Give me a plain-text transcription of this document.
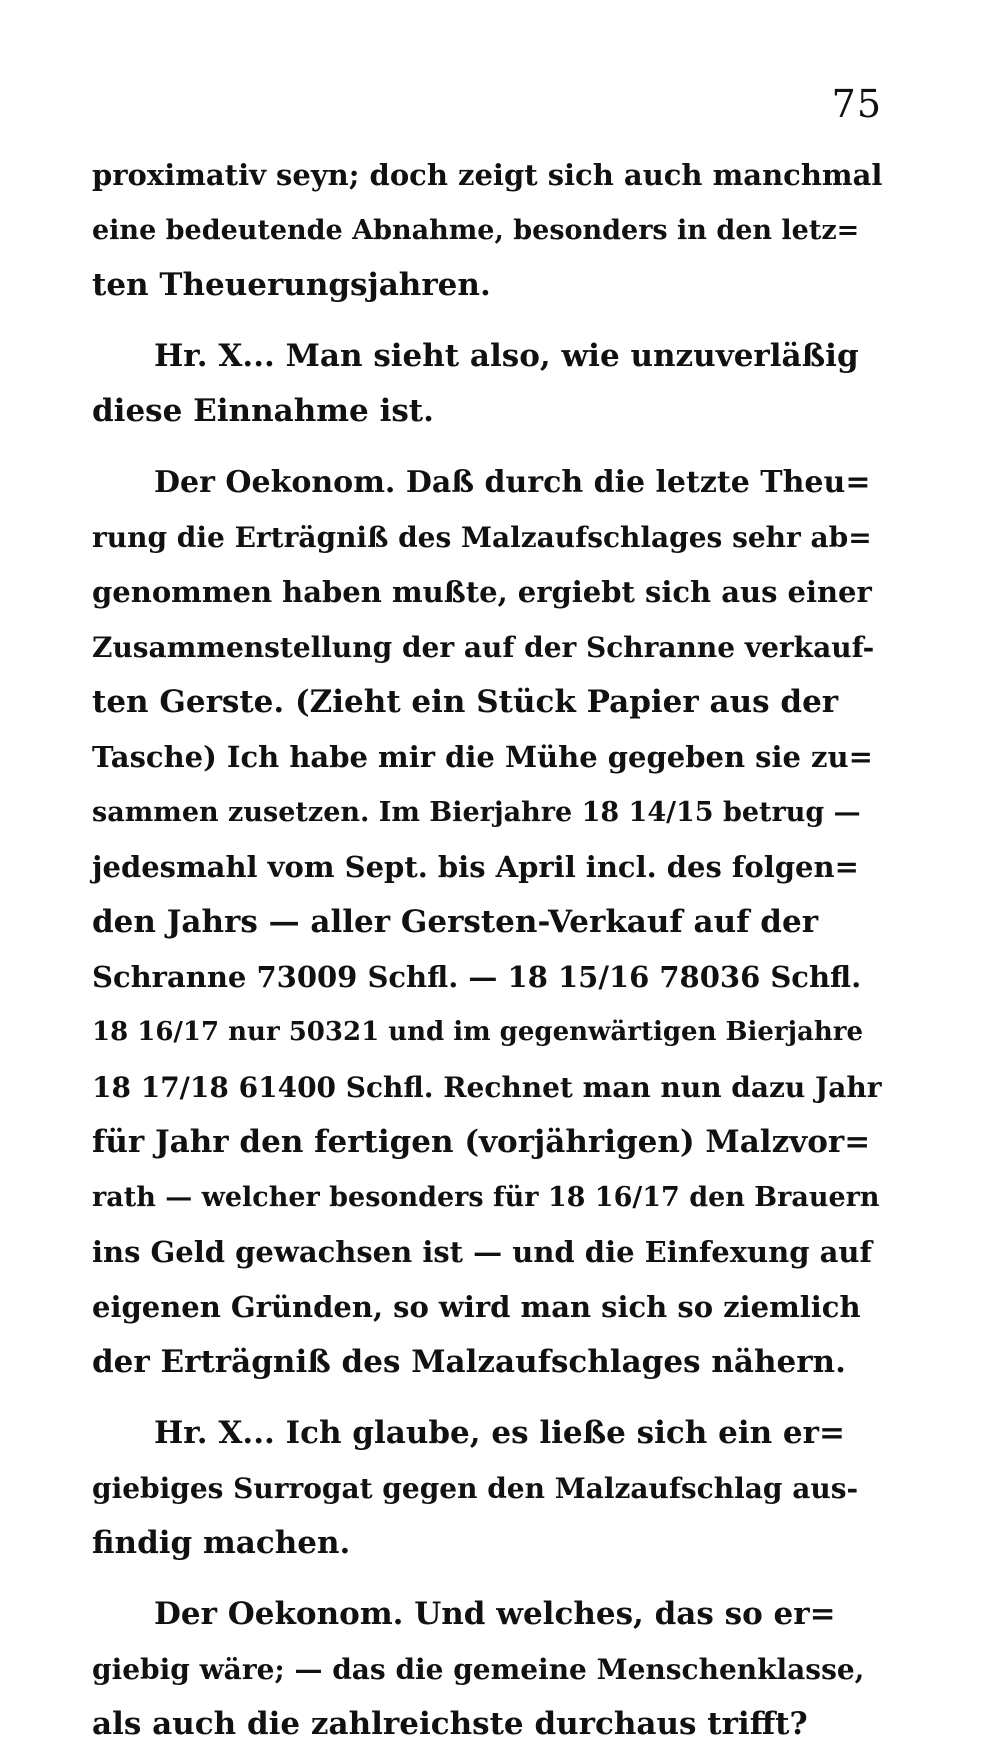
75
proximativ seyn; doch zeigt sich auch manchmal
eine bedeutende Abnahme, besonders in den letz=
ten Theuerungsjahren.
Hr. X... Man sieht also, wie unzuverläßig
diese Einnahme ist.
Der Oekonom. Daß durch die letzte Theu=
rung die Erträgniß des Malzaufschlages sehr ab=
genommen haben mußte, ergiebt sich aus einer
Zusammenstellung der auf der Schranne verkauf-
ten Gerste. (Zieht ein Stück Papier aus der
Tasche) Ich habe mir die Mühe gegeben sie zu=
sammen zusetzen. Im Bierjahre 18 14/15 betrug —
jedesmahl vom Sept. bis April incl. des folgen=
den Jahrs — aller Gersten-Verkauf auf der
Schranne 73009 Schfl. — 18 15/16 78036 Schfl.
18 16/17 nur 50321 und im gegenwärtigen Bierjahre
18 17/18 61400 Schfl. Rechnet man nun dazu Jahr
für Jahr den fertigen (vorjährigen) Malzvor=
rath — welcher besonders für 18 16/17 den Brauern
ins Geld gewachsen ist — und die Einfexung auf
eigenen Gründen, so wird man sich so ziemlich
der Erträgniß des Malzaufschlages nähern.
Hr. X... Ich glaube, es ließe sich ein er=
giebiges Surrogat gegen den Malzaufschlag aus-
findig machen.
Der Oekonom. Und welches, das so er=
giebig wäre; — das die gemeine Menschenklasse,
als auch die zahlreichste durchaus trifft?
